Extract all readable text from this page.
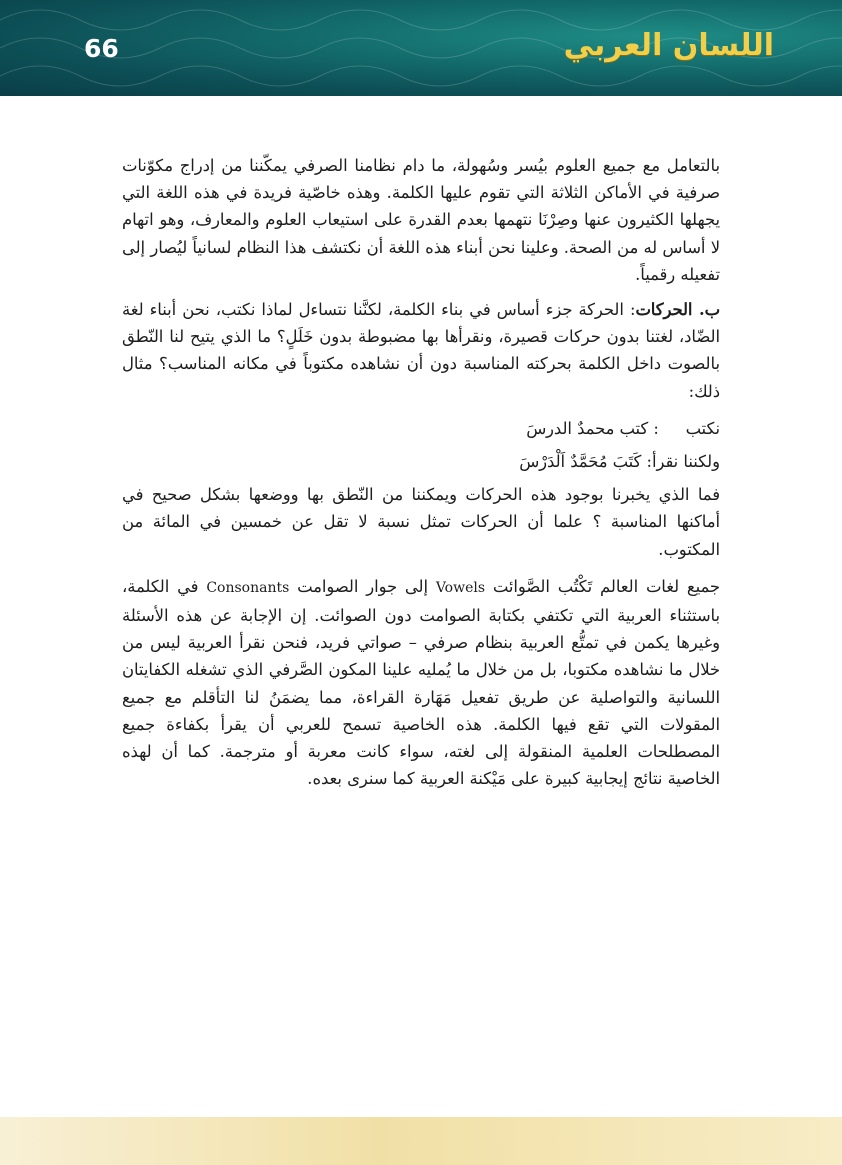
66	اللسان العربي

بالتعامل مع جميع العلوم بيُسر وسُهولة، ما دام نظامنا الصرفي يمكّننا من إدراج مكوّنات صرفية في الأماكن الثلاثة التي تقوم عليها الكلمة. وهذه خاصّية فريدة في هذه اللغة التي يجهلها الكثيرون عنها وصِرْنَا نتهمها بعدم القدرة على استيعاب العلوم والمعارف، وهو اتهام لا أساس له من الصحة. وعلينا نحن أبناء هذه اللغة أن نكتشف هذا النظام لسانياً ليُصار إلى تفعيله رقمياً.

ب. الحركات: الحركة جزء أساس في بناء الكلمة، لكنَّنا نتساءل لماذا نكتب، نحن أبناء لغة الضّاد، لغتنا بدون حركات قصيرة، ونقرأها بها مضبوطة بدون خَلَلٍ؟ ما الذي يتيح لنا النّطق بالصوت داخل الكلمة بحركته المناسبة دون أن نشاهده مكتوباً في مكانه المناسب؟ مثال ذلك:

نكتب : كتب محمدٌ الدرسَ
ولكننا نقرأ: كَتَبَ مُحَمَّدٌ اَلْدَرْسَ

فما الذي يخبرنا بوجود هذه الحركات ويمكننا من النّطق بها ووضعها بشكل صحيح في أماكنها المناسبة ؟ علما أن الحركات تمثل نسبة لا تقل عن خمسين في المائة من المكتوب.

جميع لغات العالم تَكْتُب الصَّوائت Vowels إلى جوار الصوامت Consonants في الكلمة، باستثناء العربية التي تكتفي بكتابة الصوامت دون الصوائت. إن الإجابة عن هذه الأسئلة وغيرها يكمن في تمتُّع العربية بنظام صرفي – صواتي فريد، فنحن نقرأ العربية ليس من خلال ما نشاهده مكتوبا، بل من خلال ما يُمليه علينا المكون الصَّرفي الذي تشغله الكفايتان اللسانية والتواصلية عن طريق تفعيل مَهَارة القراءة، مما يضمَنُ لنا التأقلم مع جميع المقولات التي تقع فيها الكلمة. هذه الخاصية تسمح للعربي أن يقرأ بكفاءة جميع المصطلحات العلمية المنقولة إلى لغته، سواء كانت معربة أو مترجمة. كما أن لهذه الخاصية نتائج إيجابية كبيرة على مَيْكنة العربية كما سنرى بعده.
